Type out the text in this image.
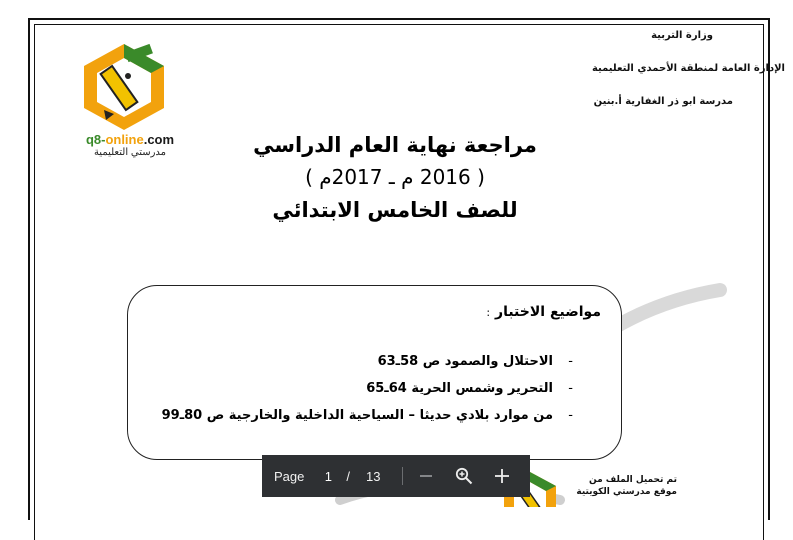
وزارة التربية
الإدارة العامة لمنطقة الأحمدي التعليمية
مدرسة ابو ذر الغفارية أ.بنين
q8-online.com
مدرستي التعليمية	مراجعة نهاية العام الدراسي
( 2016 م ـ 2017م )
للصف الخامس الابتدائي
مواضيع الاختبار :
-الاحتلال والصمود ص 58ـ63
-التحرير وشمس الحرية 64ـ65
-من موارد بلادي حديثا – السياحية الداخلية والخارجية ص 80ـ99
تم تحميل الملف من
موقع مدرستي الكويتية
Page
1	/ 13
